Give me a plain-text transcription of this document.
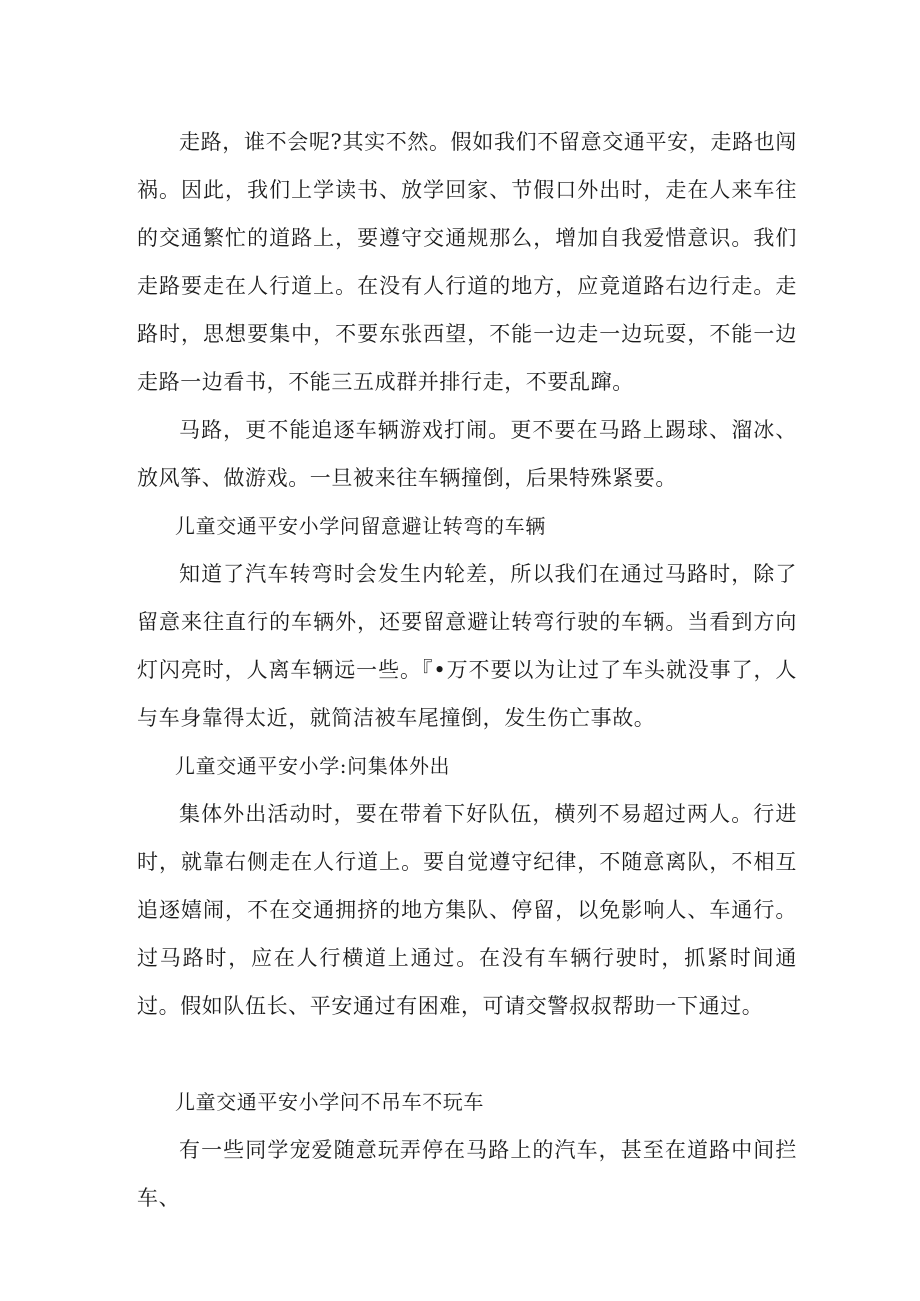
走路，谁不会呢?其实不然。假如我们不留意交通平安，走路也闯祸。因此，我们上学读书、放学回家、节假口外出时，走在人来车往的交通繁忙的道路上，要遵守交通规那么，增加自我爱惜意识。我们走路要走在人行道上。在没有人行道的地方，应竟道路右边行走。走路时，思想要集中，不要东张西望，不能一边走一边玩耍，不能一边走路一边看书，不能三五成群并排行走，不要乱蹿。

马路，更不能追逐车辆游戏打闹。更不要在马路上踢球、溜冰、放风筝、做游戏。一旦被来往车辆撞倒，后果特殊紧要。

儿童交通平安小学问留意避让转弯的车辆

知道了汽车转弯时会发生内轮差，所以我们在通过马路时，除了留意来往直行的车辆外，还要留意避让转弯行驶的车辆。当看到方向灯闪亮时，人离车辆远一些。『•万不要以为让过了车头就没事了，人与车身靠得太近，就简洁被车尾撞倒，发生伤亡事故。

儿童交通平安小学:问集体外出

集体外出活动时，要在带着下好队伍，横列不易超过两人。行进时，就靠右侧走在人行道上。要自觉遵守纪律，不随意离队，不相互追逐嬉闹，不在交通拥挤的地方集队、停留，以免影响人、车通行。过马路时，应在人行横道上通过。在没有车辆行驶时，抓紧时间通过。假如队伍长、平安通过有困难，可请交警叔叔帮助一下通过。

儿童交通平安小学问不吊车不玩车

有一些同学宠爱随意玩弄停在马路上的汽车，甚至在道路中间拦车、
